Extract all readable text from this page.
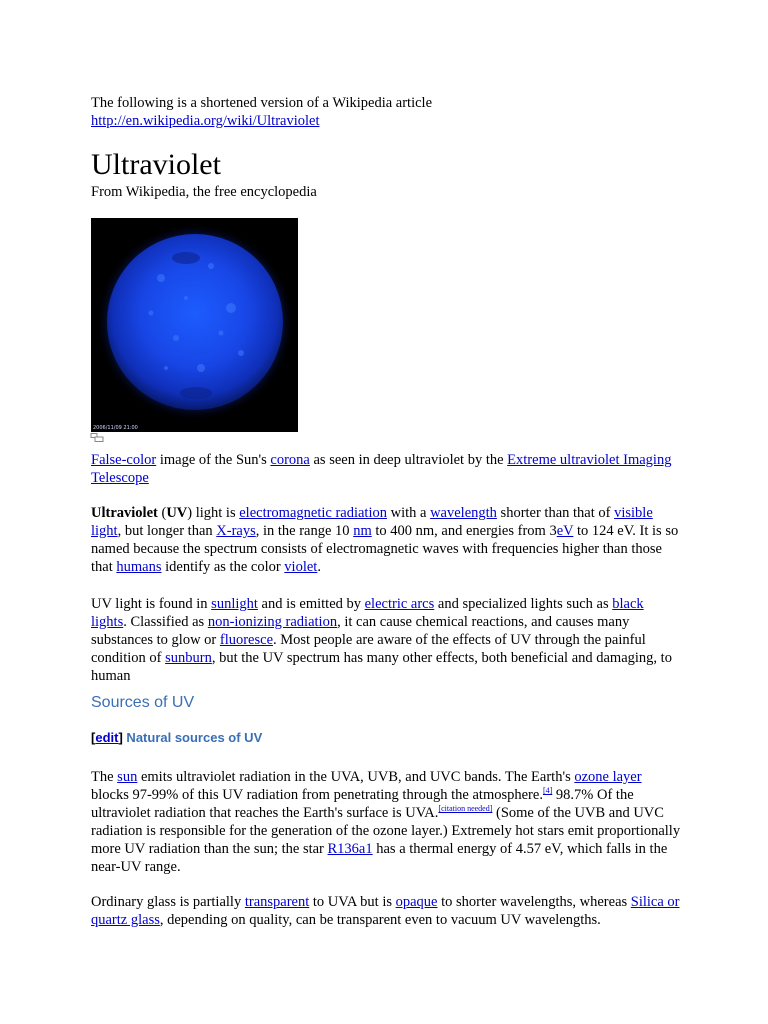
The following is a shortened version of a Wikipedia article
http://en.wikipedia.org/wiki/Ultraviolet

Ultraviolet

From Wikipedia, the free encyclopedia

2006/11/09 21:00

False-color image of the Sun's corona as seen in deep ultraviolet by the Extreme ultraviolet Imaging Telescope

Ultraviolet (UV) light is electromagnetic radiation with a wavelength shorter than that of visible light, but longer than X-rays, in the range 10 nm to 400 nm, and energies from 3eV to 124 eV. It is so named because the spectrum consists of electromagnetic waves with frequencies higher than those that humans identify as the color violet.

UV light is found in sunlight and is emitted by electric arcs and specialized lights such as black lights. Classified as non-ionizing radiation, it can cause chemical reactions, and causes many substances to glow or fluoresce. Most people are aware of the effects of UV through the painful condition of sunburn, but the UV spectrum has many other effects, both beneficial and damaging, to human

Sources of UV
[edit] Natural sources of UV

The sun emits ultraviolet radiation in the UVA, UVB, and UVC bands. The Earth's ozone layer blocks 97-99% of this UV radiation from penetrating through the atmosphere.[4] 98.7% Of the ultraviolet radiation that reaches the Earth's surface is UVA.[citation needed] (Some of the UVB and UVC radiation is responsible for the generation of the ozone layer.) Extremely hot stars emit proportionally more UV radiation than the sun; the star R136a1 has a thermal energy of 4.57 eV, which falls in the near-UV range.

Ordinary glass is partially transparent to UVA but is opaque to shorter wavelengths, whereas Silica or quartz glass, depending on quality, can be transparent even to vacuum UV wavelengths.
